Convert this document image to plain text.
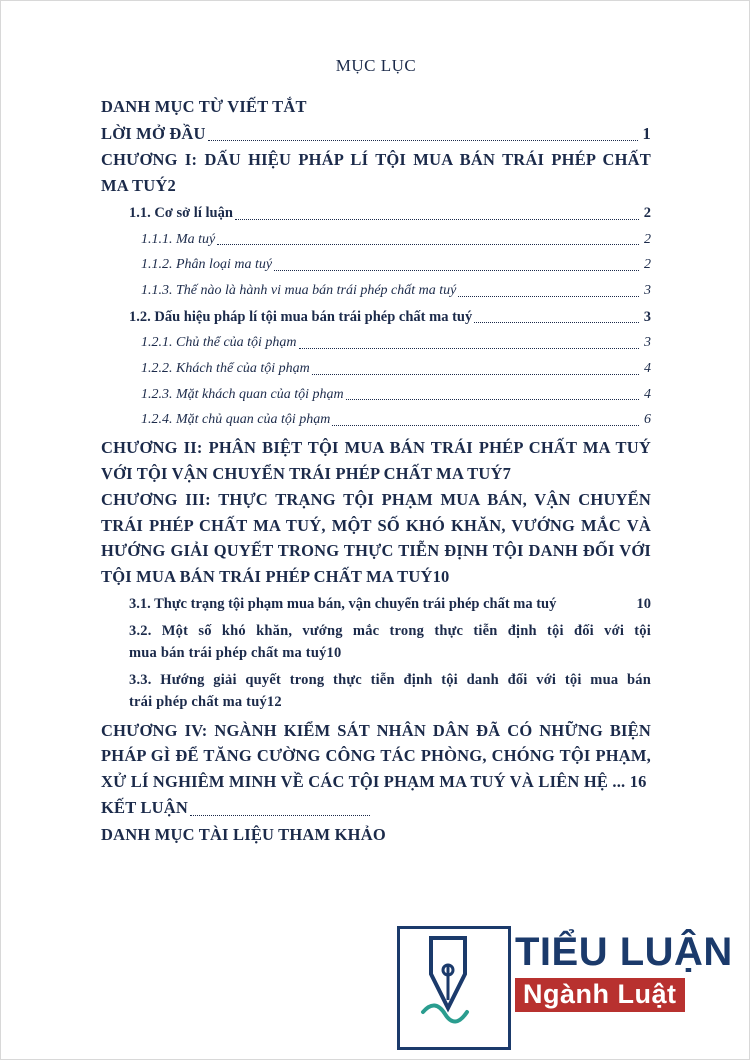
MỤC LỤC
DANH MỤC TỪ VIẾT TẮT
LỜI MỞ ĐẦU	1
CHƯƠNG I: DẤU HIỆU PHÁP LÍ TỘI MUA BÁN TRÁI PHÉP CHẤT
MA TUÝ 2
1.1. Cơ sở lí luận	2
1.1.1. Ma tuý	2
1.1.2. Phân loại ma tuý	2
1.1.3. Thế nào là hành vi mua bán trái phép chất ma tuý	3
1.2. Dấu hiệu pháp lí tội mua bán trái phép chất ma tuý	3
1.2.1. Chủ thể của tội phạm	3
1.2.2. Khách thể của tội phạm	4
1.2.3. Mặt khách quan của tội phạm	4
1.2.4. Mặt chủ quan của tội phạm	6
CHƯƠNG II: PHÂN BIỆT TỘI MUA BÁN TRÁI PHÉP CHẤT MA TUÝ
VỚI TỘI VẬN CHUYỂN TRÁI PHÉP CHẤT MA TUÝ 7
CHƯƠNG III: THỰC TRẠNG TỘI PHẠM MUA BÁN, VẬN CHUYỂN TRÁI PHÉP CHẤT MA TUÝ, MỘT SỐ KHÓ KHĂN, VƯỚNG MẮC VÀ HƯỚNG GIẢI QUYẾT TRONG THỰC TIỄN ĐỊNH TỘI DANH ĐỐI VỚI
TỘI MUA BÁN TRÁI PHÉP CHẤT MA TUÝ 10
3.1. Thực trạng tội phạm mua bán, vận chuyển trái phép chất ma tuý	10
3.2. Một số khó khăn, vướng mắc trong thực tiễn định tội đối với tội
mua bán trái phép chất ma tuý 10
3.3. Hướng giải quyết trong thực tiễn định tội danh đối với tội mua bán
trái phép chất ma tuý 12
CHƯƠNG IV: NGÀNH KIỂM SÁT NHÂN DÂN ĐÃ CÓ NHỮNG BIỆN PHÁP GÌ ĐỂ TĂNG CƯỜNG CÔNG TÁC PHÒNG, CHÓNG TỘI PHẠM,
XỬ LÍ NGHIÊM MINH VỀ CÁC TỘI PHẠM MA TUÝ VÀ LIÊN HỆ ... 16
KẾT LUẬN
DANH MỤC TÀI LIỆU THAM KHẢO
TIỂU LUẬN
Ngành Luật
